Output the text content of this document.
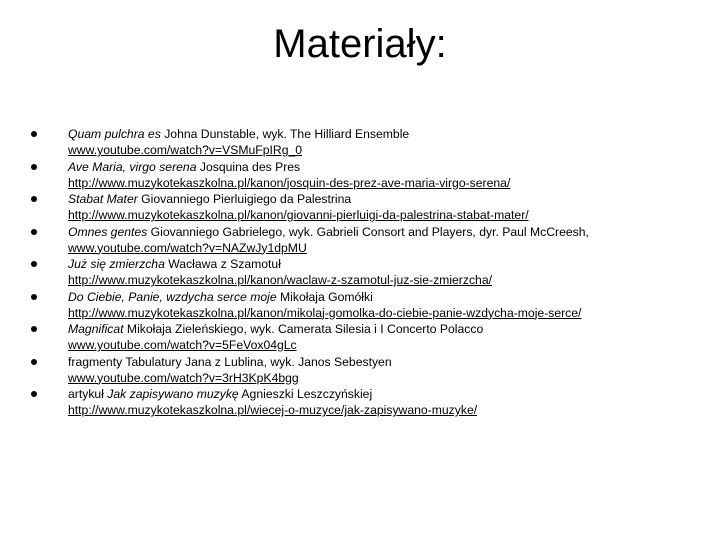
Materiały:
Quam pulchra es Johna Dunstable, wyk. The Hilliard Ensemble
www.youtube.com/watch?v=VSMuFpIRg_0
Ave Maria, virgo serena Josquina des Pres
http://www.muzykotekaszkolna.pl/kanon/josquin-des-prez-ave-maria-virgo-serena/
Stabat Mater Giovanniego Pierluigiego da Palestrina
http://www.muzykotekaszkolna.pl/kanon/giovanni-pierluigi-da-palestrina-stabat-mater/
Omnes gentes Giovanniego Gabrielego, wyk. Gabrieli Consort and Players, dyr. Paul McCreesh,
www.youtube.com/watch?v=NAZwJy1dpMU
Już się zmierzcha Wacława z Szamotuł
http://www.muzykotekaszkolna.pl/kanon/waclaw-z-szamotul-juz-sie-zmierzcha/
Do Ciebie, Panie, wzdycha serce moje Mikołaja Gomółki
http://www.muzykotekaszkolna.pl/kanon/mikolaj-gomolka-do-ciebie-panie-wzdycha-moje-serce/
Magnificat Mikołaja Zieleńskiego, wyk. Camerata Silesia i I Concerto Polacco
www.youtube.com/watch?v=5FeVox04gLc
fragmenty Tabulatury Jana z Lublina, wyk. Janos Sebestyen
www.youtube.com/watch?v=3rH3KpK4bgg
artykuł Jak zapisywano muzykę Agnieszki Leszczyńskiej
http://www.muzykotekaszkolna.pl/wiecej-o-muzyce/jak-zapisywano-muzyke/
